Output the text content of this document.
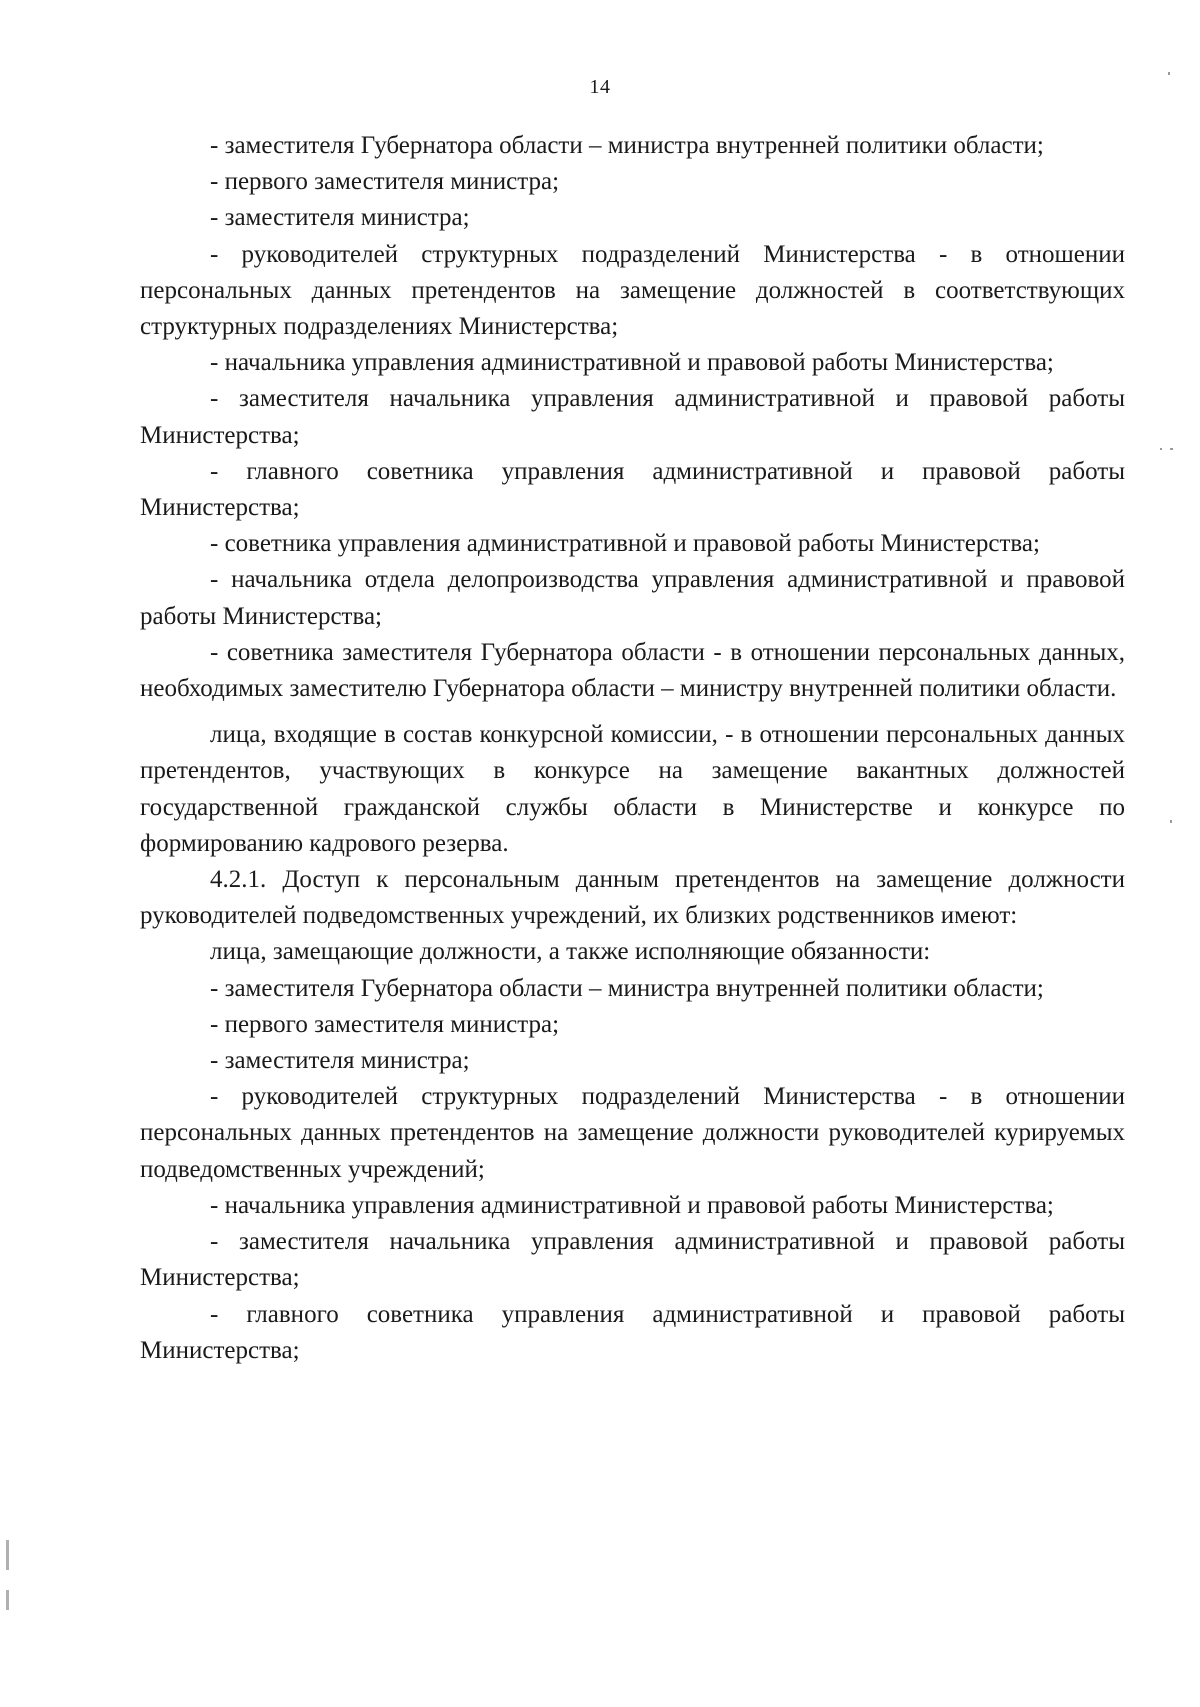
14

- заместителя Губернатора области – министра внутренней политики области;

- первого заместителя министра;

- заместителя министра;

- руководителей структурных подразделений Министерства - в отношении персональных данных претендентов на замещение должностей в соответствующих структурных подразделениях Министерства;

- начальника управления административной и правовой работы Министерства;

- заместителя начальника управления административной и правовой работы Министерства;

- главного советника управления административной и правовой работы Министерства;

- советника управления административной и правовой работы Министерства;

- начальника отдела делопроизводства управления административной и правовой работы Министерства;

- советника заместителя Губернатора области - в отношении персональных данных, необходимых заместителю Губернатора области – министру внутренней политики области.

лица, входящие в состав конкурсной комиссии, - в отношении персональных данных претендентов, участвующих в конкурсе на замещение вакантных должностей государственной гражданской службы области в Министерстве и конкурсе по формированию кадрового резерва.

4.2.1. Доступ к персональным данным претендентов на замещение должности руководителей подведомственных учреждений, их близких родственников имеют:

лица, замещающие должности, а также исполняющие обязанности:

- заместителя Губернатора области – министра внутренней политики области;

- первого заместителя министра;

- заместителя министра;

- руководителей структурных подразделений Министерства - в отношении персональных данных претендентов на замещение должности руководителей курируемых подведомственных учреждений;

- начальника управления административной и правовой работы Министерства;

- заместителя начальника управления административной и правовой работы Министерства;

- главного советника управления административной и правовой работы Министерства;
